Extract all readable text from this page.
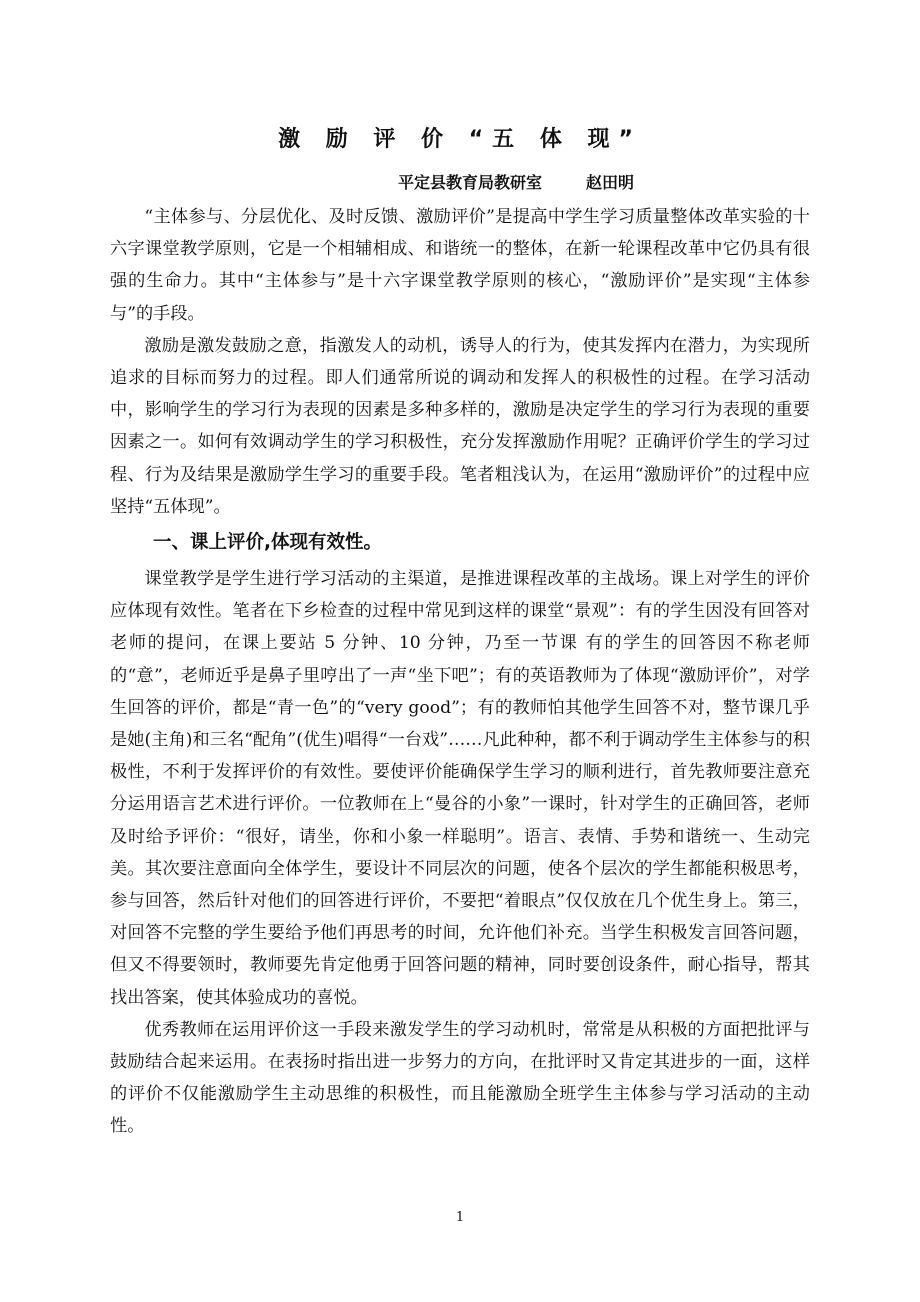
激 励 评 价 “五 体 现”
平定县教育局教研室	赵田明

“主体参与、分层优化、及时反馈、激励评价”是提高中学生学习质量整体改革实验的十六字课堂教学原则，它是一个相辅相成、和谐统一的整体，在新一轮课程改革中它仍具有很强的生命力。其中“主体参与”是十六字课堂教学原则的核心，“激励评价”是实现“主体参与”的手段。

激励是激发鼓励之意，指激发人的动机，诱导人的行为，使其发挥内在潜力，为实现所追求的目标而努力的过程。即人们通常所说的调动和发挥人的积极性的过程。在学习活动中，影响学生的学习行为表现的因素是多种多样的，激励是决定学生的学习行为表现的重要因素之一。如何有效调动学生的学习积极性，充分发挥激励作用呢？正确评价学生的学习过程、行为及结果是激励学生学习的重要手段。笔者粗浅认为，在运用“激励评价”的过程中应坚持“五体现”。

一、课上评价,体现有效性。

课堂教学是学生进行学习活动的主渠道，是推进课程改革的主战场。课上对学生的评价应体现有效性。笔者在下乡检查的过程中常见到这样的课堂“景观”：有的学生因没有回答对老师的提问，在课上要站 5 分钟、10 分钟，乃至一节课 有的学生的回答因不称老师的“意”，老师近乎是鼻子里哼出了一声“坐下吧”；有的英语教师为了体现“激励评价”，对学生回答的评价，都是“青一色”的“very good”；有的教师怕其他学生回答不对，整节课几乎是她(主角)和三名“配角”(优生)唱得“一台戏”……凡此种种，都不利于调动学生主体参与的积极性，不利于发挥评价的有效性。要使评价能确保学生学习的顺利进行，首先教师要注意充分运用语言艺术进行评价。一位教师在上“曼谷的小象”一课时，针对学生的正确回答，老师及时给予评价：“很好，请坐，你和小象一样聪明”。语言、表情、手势和谐统一、生动完美。其次要注意面向全体学生，要设计不同层次的问题，使各个层次的学生都能积极思考，参与回答，然后针对他们的回答进行评价，不要把“着眼点”仅仅放在几个优生身上。第三，对回答不完整的学生要给予他们再思考的时间，允许他们补充。当学生积极发言回答问题，但又不得要领时，教师要先肯定他勇于回答问题的精神，同时要创设条件，耐心指导，帮其找出答案，使其体验成功的喜悦。

优秀教师在运用评价这一手段来激发学生的学习动机时，常常是从积极的方面把批评与鼓励结合起来运用。在表扬时指出进一步努力的方向，在批评时又肯定其进步的一面，这样的评价不仅能激励学生主动思维的积极性，而且能激励全班学生主体参与学习活动的主动性。

1
